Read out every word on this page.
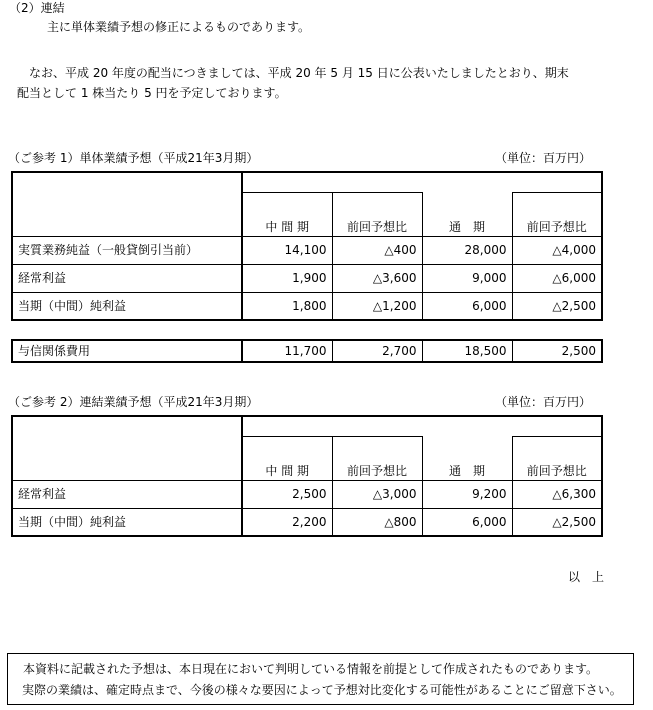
（2）連結
主に単体業績予想の修正によるものであります。
なお、平成 20 年度の配当につきましては、平成 20 年 5 月 15 日に公表いたしましたとおり、期末
配当として 1 株当たり 5 円を予定しております。
（ご参考 1）単体業績予想（平成21年3月期）	（単位：百万円）

	中 間 期	前回予想比	通　期	前回予想比
実質業務純益（一般貸倒引当前）	14,100	△400	28,000	△4,000
経常利益	1,900	△3,600	9,000	△6,000
当期（中間）純利益	1,800	△1,200	6,000	△2,500
与信関係費用	11,700	2,700	18,500	2,500
（ご参考 2）連結業績予想（平成21年3月期）	（単位：百万円）

	中 間 期	前回予想比	通　期	前回予想比
経常利益	2,500	△3,000	9,200	△6,300
当期（中間）純利益	2,200	△800	6,000	△2,500
以　上
本資料に記載された予想は、本日現在において判明している情報を前提として作成されたものであります。
実際の業績は、確定時点まで、今後の様々な要因によって予想対比変化する可能性があることにご留意下さい。
